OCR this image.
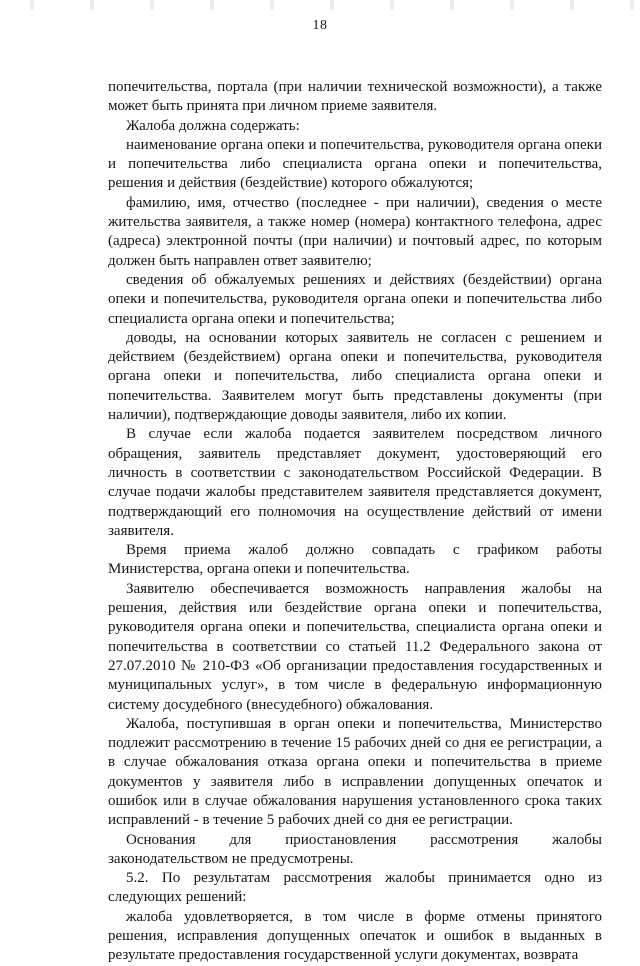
18

попечительства, портала (при наличии технической возможности), а также может быть принята при личном приеме заявителя.

Жалоба должна содержать:

наименование органа опеки и попечительства, руководителя органа опеки и попечительства либо специалиста органа опеки и попечительства, решения и действия (бездействие) которого обжалуются;

фамилию, имя, отчество (последнее - при наличии), сведения о месте жительства заявителя, а также номер (номера) контактного телефона, адрес (адреса) электронной почты (при наличии) и почтовый адрес, по которым должен быть направлен ответ заявителю;

сведения об обжалуемых решениях и действиях (бездействии) органа опеки и попечительства, руководителя органа опеки и попечительства либо специалиста органа опеки и попечительства;

доводы, на основании которых заявитель не согласен с решением и действием (бездействием) органа опеки и попечительства, руководителя органа опеки и попечительства, либо специалиста органа опеки и попечительства. Заявителем могут быть представлены документы (при наличии), подтверждающие доводы заявителя, либо их копии.

В случае если жалоба подается заявителем посредством личного обращения, заявитель представляет документ, удостоверяющий его личность в соответствии с законодательством Российской Федерации. В случае подачи жалобы представителем заявителя представляется документ, подтверждающий его полномочия на осуществление действий от имени заявителя.

Время приема жалоб должно совпадать с графиком работы Министерства, органа опеки и попечительства.

Заявителю обеспечивается возможность направления жалобы на решения, действия или бездействие органа опеки и попечительства, руководителя органа опеки и попечительства, специалиста органа опеки и попечительства в соответствии со статьей 11.2 Федерального закона от 27.07.2010 № 210-ФЗ «Об организации предоставления государственных и муниципальных услуг», в том числе в федеральную информационную систему досудебного (внесудебного) обжалования.

Жалоба, поступившая в орган опеки и попечительства, Министерство подлежит рассмотрению в течение 15 рабочих дней со дня ее регистрации, а в случае обжалования отказа органа опеки и попечительства в приеме документов у заявителя либо в исправлении допущенных опечаток и ошибок или в случае обжалования нарушения установленного срока таких исправлений - в течение 5 рабочих дней со дня ее регистрации.

Основания для приостановления рассмотрения жалобы законодательством не предусмотрены.

5.2. По результатам рассмотрения жалобы принимается одно из следующих решений:

жалоба удовлетворяется, в том числе в форме отмены принятого решения, исправления допущенных опечаток и ошибок в выданных в результате предоставления государственной услуги документах, возврата
